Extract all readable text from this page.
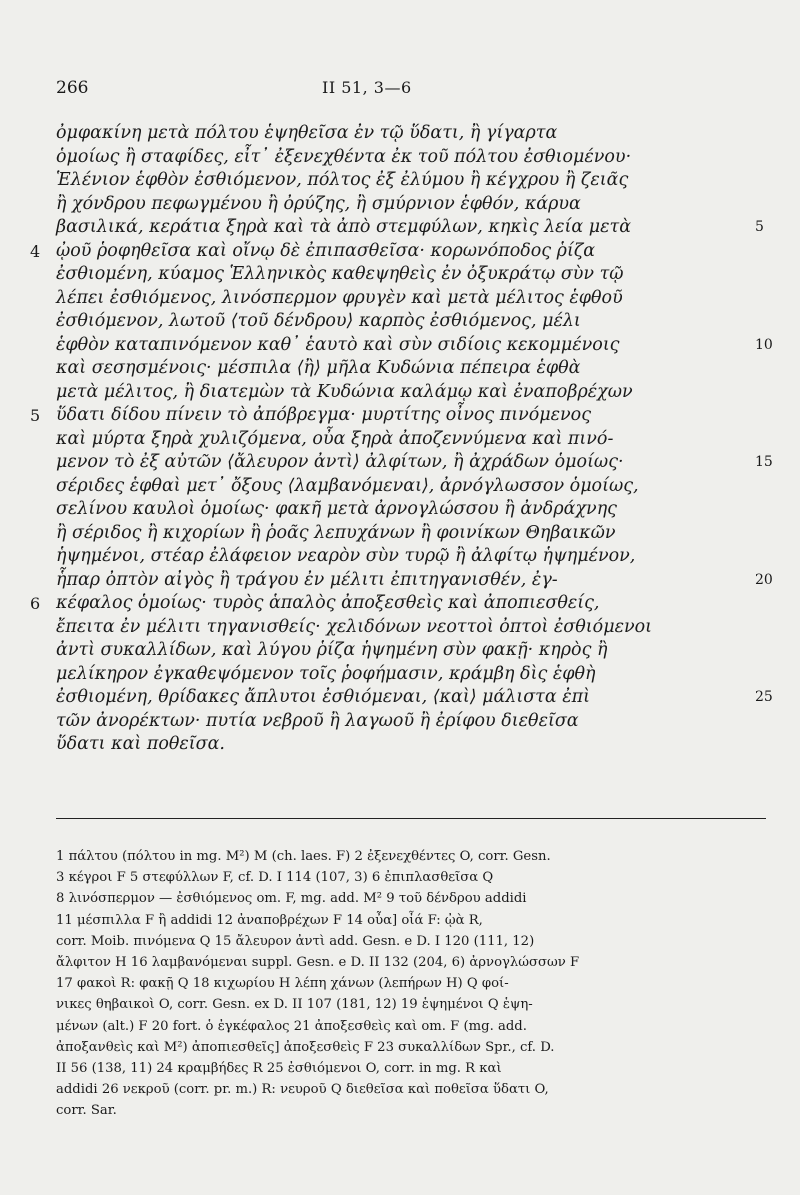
266	II 51, 3—6
ὀμφακίνη μετὰ πόλτου ἑψηθεῖσα ἐν τῷ ὕδατι, ἢ γίγαρτα
ὁμοίως ἢ σταφίδες, εἶτ᾽ ἐξενεχθέντα ἐκ τοῦ πόλτου ἐσθιομένου·
Ἑλένιον ἑφθὸν ἐσθιόμενον, πόλτος ἐξ ἐλύμου ἢ κέγχρου ἢ ζειᾶς
ἢ χόνδρου πεφωγμένου ἢ ὀρύζης, ἢ σμύρνιον ἑφθόν, κάρυα
βασιλικά, κεράτια ξηρὰ καὶ τὰ ἀπὸ στεμφύλων, κηκὶς λεία μετὰ	5
4 ᾠοῦ ῥοφηθεῖσα καὶ οἴνῳ δὲ ἐπιπασθεῖσα· κορωνόποδος ῥίζα
ἐσθιομένη, κύαμος Ἑλληνικὸς καθεψηθεὶς ἐν ὀξυκράτῳ σὺν τῷ
λέπει ἐσθιόμενος, λινόσπερμον φρυγὲν καὶ μετὰ μέλιτος ἑφθοῦ
ἐσθιόμενον, λωτοῦ ⟨τοῦ δένδρου⟩ καρπὸς ἐσθιόμενος, μέλι
ἑφθὸν καταπινόμενον καθ᾽ ἑαυτὸ καὶ σὺν σιδίοις κεκομμένοις	10
καὶ σεσησμένοις· μέσπιλα ⟨ἢ⟩ μῆλα Κυδώνια πέπειρα ἑφθὰ
μετὰ μέλιτος, ἢ διατεμὼν τὰ Κυδώνια καλάμῳ καὶ ἐναποβρέχων
5 ὕδατι δίδου πίνειν τὸ ἀπόβρεγμα· μυρτίτης οἶνος πινόμενος
καὶ μύρτα ξηρὰ χυλιζόμενα, οὖα ξηρὰ ἀποζεννύμενα καὶ πινό-
μενον τὸ ἐξ αὐτῶν ⟨ἄλευρον ἀντὶ⟩ ἀλφίτων, ἢ ἀχράδων ὁμοίως·	15
σέριδες ἑφθαὶ μετ᾽ ὄξους ⟨λαμβανόμεναι⟩, ἀρνόγλωσσον ὁμοίως,
σελίνου καυλοὶ ὁμοίως· φακῆ μετὰ ἀρνογλώσσου ἢ ἀνδράχνης
ἢ σέριδος ἢ κιχορίων ἢ ῥοᾶς λεπυχάνων ἢ φοινίκων Θηβαικῶν
ἡψημένοι, στέαρ ἐλάφειον νεαρὸν σὺν τυρῷ ἢ ἀλφίτῳ ἡψημένον,
ἧπαρ ὀπτὸν αἰγὸς ἢ τράγου ἐν μέλιτι ἐπιτηγανισθέν, ἐγ-	20
6 κέφαλος ὁμοίως· τυρὸς ἁπαλὸς ἀποξεσθεὶς καὶ ἀποπιεσθείς,
ἔπειτα ἐν μέλιτι τηγανισθείς· χελιδόνων νεοττοὶ ὀπτοὶ ἐσθιόμενοι
ἀντὶ συκαλλίδων, καὶ λύγου ῥίζα ἡψημένη σὺν φακῇ· κηρὸς ἢ
μελίκηρον ἐγκαθεψόμενον τοῖς ῥοφήμασιν, κράμβη δὶς ἑφθὴ
ἐσθιομένη, θρίδακες ἄπλυτοι ἐσθιόμεναι, ⟨καὶ⟩ μάλιστα ἐπὶ	25
τῶν ἀνορέκτων· πυτία νεβροῦ ἢ λαγωοῦ ἢ ἐρίφου διεθεῖσα
ὕδατι καὶ ποθεῖσα.
1 πάλτου (πόλτου in mg. M²) M (ch. laes. F) 2 ἐξενεχθέντες O, corr. Gesn.
3 κέγροι F 5 στεφύλλων F, cf. D. I 114 (107, 3) 6 ἐπιπλασθεῖσα Q
8 λινόσπερμον — ἐσθιόμενος om. F, mg. add. M² 9 τοῦ δένδρου addidi
11 μέσπιλλα F ἢ addidi 12 ἀναποβρέχων F 14 οὖα] οἶά F: ᾠὰ R,
corr. Moib. πινόμενα Q 15 ἄλευρον ἀντὶ add. Gesn. e D. I 120 (111, 12)
ἄλφιτον H 16 λαμβανόμεναι suppl. Gesn. e D. II 132 (204, 6) ἀρνογλώσσων F
17 φακοὶ R: φακῇ Q 18 κιχωρίου H λέπη χάνων (λεπήρων H) Q φοί-
νικες θηβαικοὶ O, corr. Gesn. ex D. II 107 (181, 12) 19 ἑψημένοι Q ἑψη-
μένων (alt.) F 20 fort. ὁ ἐγκέφαλος 21 ἀποξεσθεὶς καὶ om. F (mg. add.
ἀποξανθεὶς καὶ M²) ἀποπιεσθεῖς] ἀποξεσθεὶς F 23 συκαλλίδων Spr., cf. D.
II 56 (138, 11) 24 κραμβήδες R 25 ἐσθιόμενοι O, corr. in mg. R καὶ
addidi 26 νεκροῦ (corr. pr. m.) R: νευροῦ Q διεθεῖσα καὶ ποθεῖσα ὕδατι O,
corr. Sar.
